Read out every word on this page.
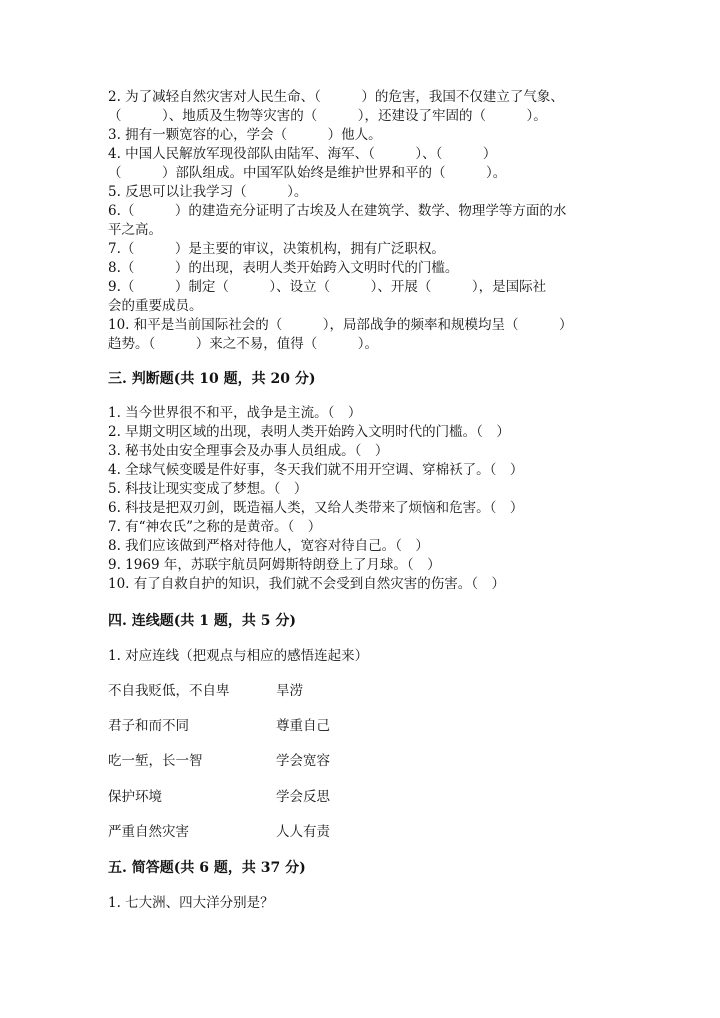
2. 为了减轻自然灾害对人民生命、（　　　）的危害，我国不仅建立了气象、
（　　　）、地质及生物等灾害的（　　　），还建设了牢固的（　　　）。
3. 拥有一颗宽容的心，学会（　　　）他人。
4. 中国人民解放军现役部队由陆军、海军、（　　　）、（　　　）
（　　　）部队组成。中国军队始终是维护世界和平的（　　　）。
5. 反思可以让我学习（　　　）。
6.（　　　）的建造充分证明了古埃及人在建筑学、数学、物理学等方面的水
平之高。
7.（　　　）是主要的审议，决策机构，拥有广泛职权。
8.（　　　）的出现，表明人类开始跨入文明时代的门槛。
9.（　　　）制定（　　　）、设立（　　　）、开展（　　　），是国际社
会的重要成员。
10. 和平是当前国际社会的（　　　），局部战争的频率和规模均呈（　　　）
趋势。（　　　）来之不易，值得（　　　）。
三. 判断题(共 10 题，共 20 分)
1. 当今世界很不和平，战争是主流。（　）
2. 早期文明区域的出现，表明人类开始跨入文明时代的门槛。（　）
3. 秘书处由安全理事会及办事人员组成。（　）
4. 全球气候变暖是件好事，冬天我们就不用开空调、穿棉袄了。（　）
5. 科技让现实变成了梦想。（　）
6. 科技是把双刃剑，既造福人类，又给人类带来了烦恼和危害。（　）
7. 有“神农氏”之称的是黄帝。（　）
8. 我们应该做到严格对待他人，宽容对待自己。（　）
9. 1969 年，苏联宇航员阿姆斯特朗登上了月球。（　）
10. 有了自救自护的知识，我们就不会受到自然灾害的伤害。（　）
四. 连线题(共 1 题，共 5 分)
1. 对应连线（把观点与相应的感悟连起来）
不自我贬低，不自卑	旱涝
君子和而不同	尊重自己
吃一堑，长一智	学会宽容
保护环境	学会反思
严重自然灾害	人人有责
五. 简答题(共 6 题，共 37 分)
1. 七大洲、四大洋分别是？
